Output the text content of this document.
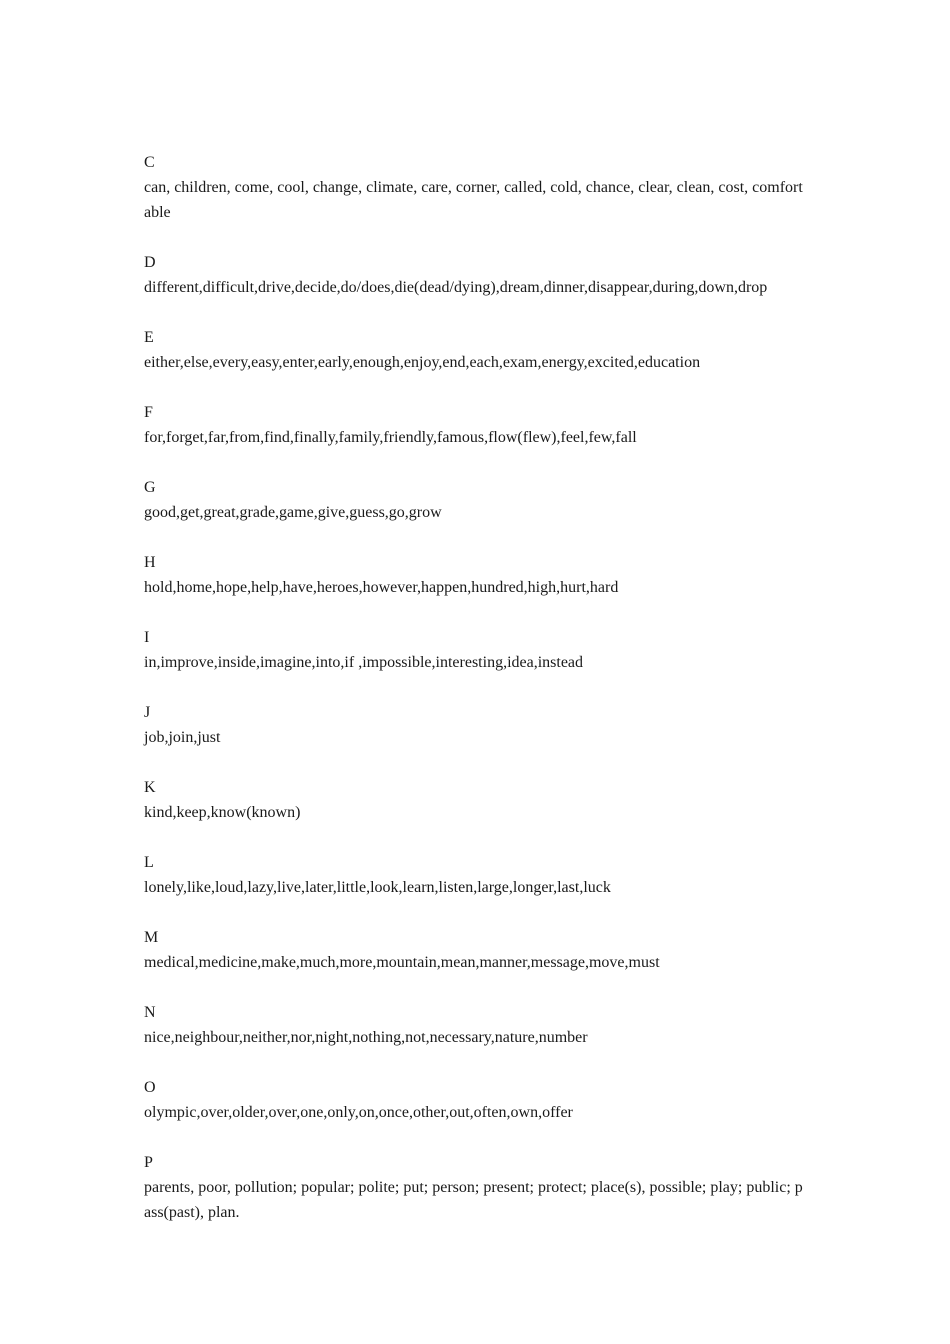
C

can, children, come, cool, change, climate, care, corner, called, cold, chance, clear, clean, cost, comfortable

D

different,difficult,drive,decide,do/does,die(dead/dying),dream,dinner,disappear,during,down,drop

E

either,else,every,easy,enter,early,enough,enjoy,end,each,exam,energy,excited,education

F

for,forget,far,from,find,finally,family,friendly,famous,flow(flew),feel,few,fall

G

good,get,great,grade,game,give,guess,go,grow

H

hold,home,hope,help,have,heroes,however,happen,hundred,high,hurt,hard

I

in,improve,inside,imagine,into,if ,impossible,interesting,idea,instead

J

job,join,just

K

kind,keep,know(known)

L

lonely,like,loud,lazy,live,later,little,look,learn,listen,large,longer,last,luck

M

medical,medicine,make,much,more,mountain,mean,manner,message,move,must

N

nice,neighbour,neither,nor,night,nothing,not,necessary,nature,number

O

olympic,over,older,over,one,only,on,once,other,out,often,own,offer

P

parents, poor, pollution; popular; polite; put; person; present; protect; place(s), possible; play; public; pass(past), plan.
